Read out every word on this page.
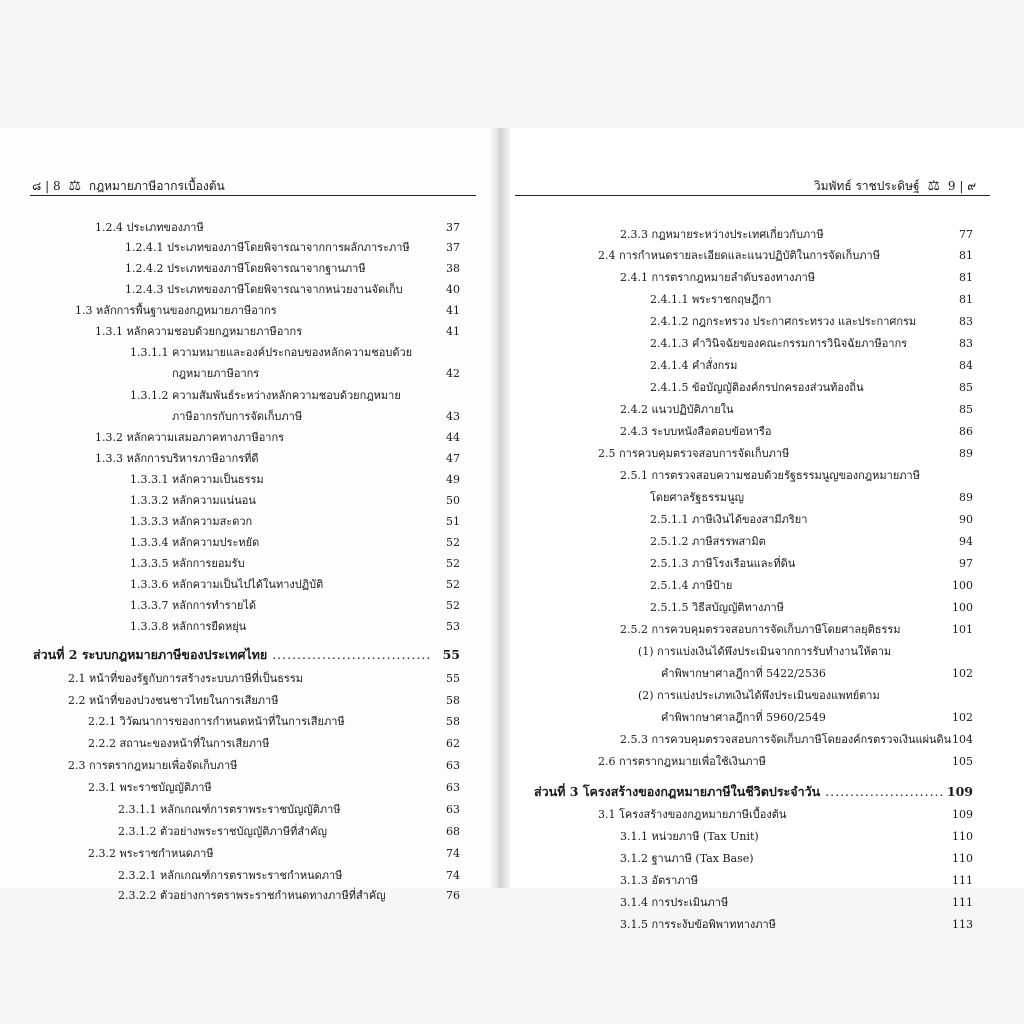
๘ | 8 ⚖ กฎหมายภาษีอากรเบื้องต้น	วิมพัทธ์ ราชประดิษฐ์ ⚖ 9 | ๙
1.2.4 ประเภทของภาษี	37
1.2.4.1 ประเภทของภาษีโดยพิจารณาจากการผลักภาระภาษี	37
1.2.4.2 ประเภทของภาษีโดยพิจารณาจากฐานภาษี	38
1.2.4.3 ประเภทของภาษีโดยพิจารณาจากหน่วยงานจัดเก็บ	40
1.3 หลักการพื้นฐานของกฎหมายภาษีอากร	41
1.3.1 หลักความชอบด้วยกฎหมายภาษีอากร	41
1.3.1.1 ความหมายและองค์ประกอบของหลักความชอบด้วย
กฎหมายภาษีอากร	42
1.3.1.2 ความสัมพันธ์ระหว่างหลักความชอบด้วยกฎหมาย
ภาษีอากรกับการจัดเก็บภาษี	43
1.3.2 หลักความเสมอภาคทางภาษีอากร	44
1.3.3 หลักการบริหารภาษีอากรที่ดี	47
1.3.3.1 หลักความเป็นธรรม	49
1.3.3.2 หลักความแน่นอน	50
1.3.3.3 หลักความสะดวก	51
1.3.3.4 หลักความประหยัด	52
1.3.3.5 หลักการยอมรับ	52
1.3.3.6 หลักความเป็นไปได้ในทางปฏิบัติ	52
1.3.3.7 หลักการทำรายได้	52
1.3.3.8 หลักการยืดหยุ่น	53
ส่วนที่ 2 ระบบกฎหมายภาษีของประเทศไทย .....	55
2.1 หน้าที่ของรัฐกับการสร้างระบบภาษีที่เป็นธรรม	55
2.2 หน้าที่ของปวงชนชาวไทยในการเสียภาษี	58
2.2.1 วิวัฒนาการของการกำหนดหน้าที่ในการเสียภาษี	58
2.2.2 สถานะของหน้าที่ในการเสียภาษี	62
2.3 การตรากฎหมายเพื่อจัดเก็บภาษี	63
2.3.1 พระราชบัญญัติภาษี	63
2.3.1.1 หลักเกณฑ์การตราพระราชบัญญัติภาษี	63
2.3.1.2 ตัวอย่างพระราชบัญญัติภาษีที่สำคัญ	68
2.3.2 พระราชกำหนดภาษี	74
2.3.2.1 หลักเกณฑ์การตราพระราชกำหนดภาษี	74
2.3.2.2 ตัวอย่างการตราพระราชกำหนดทางภาษีที่สำคัญ	76
2.3.3 กฎหมายระหว่างประเทศเกี่ยวกับภาษี	77
2.4 การกำหนดรายละเอียดและแนวปฏิบัติในการจัดเก็บภาษี	81
2.4.1 การตรากฎหมายลำดับรองทางภาษี	81
2.4.1.1 พระราชกฤษฎีกา	81
2.4.1.2 กฎกระทรวง ประกาศกระทรวง และประกาศกรม	83
2.4.1.3 คำวินิจฉัยของคณะกรรมการวินิจฉัยภาษีอากร	83
2.4.1.4 คำสั่งกรม	84
2.4.1.5 ข้อบัญญัติองค์กรปกครองส่วนท้องถิ่น	85
2.4.2 แนวปฏิบัติภายใน	85
2.4.3 ระบบหนังสือตอบข้อหารือ	86
2.5 การควบคุมตรวจสอบการจัดเก็บภาษี	89
2.5.1 การตรวจสอบความชอบด้วยรัฐธรรมนูญของกฎหมายภาษี
โดยศาลรัฐธรรมนูญ	89
2.5.1.1 ภาษีเงินได้ของสามีภริยา	90
2.5.1.2 ภาษีสรรพสามิต	94
2.5.1.3 ภาษีโรงเรือนและที่ดิน	97
2.5.1.4 ภาษีป้าย	100
2.5.1.5 วิธีสบัญญัติทางภาษี	100
2.5.2 การควบคุมตรวจสอบการจัดเก็บภาษีโดยศาลยุติธรรม	101
(1) การแบ่งเงินได้พึงประเมินจากการรับทำงานให้ตาม
คำพิพากษาศาลฎีกาที่ 5422/2536	102
(2) การแบ่งประเภทเงินได้พึงประเมินของแพทย์ตาม
คำพิพากษาศาลฎีกาที่ 5960/2549	102
2.5.3 การควบคุมตรวจสอบการจัดเก็บภาษีโดยองค์กรตรวจเงินแผ่นดิน 104
2.6 การตรากฎหมายเพื่อใช้เงินภาษี	105
ส่วนที่ 3 โครงสร้างของกฎหมายภาษีในชีวิตประจำวัน .....	109
3.1 โครงสร้างของกฎหมายภาษีเบื้องต้น	109
3.1.1 หน่วยภาษี (Tax Unit)	110
3.1.2 ฐานภาษี (Tax Base)	110
3.1.3 อัตราภาษี	111
3.1.4 การประเมินภาษี	111
3.1.5 การระงับข้อพิพาททางภาษี	113
